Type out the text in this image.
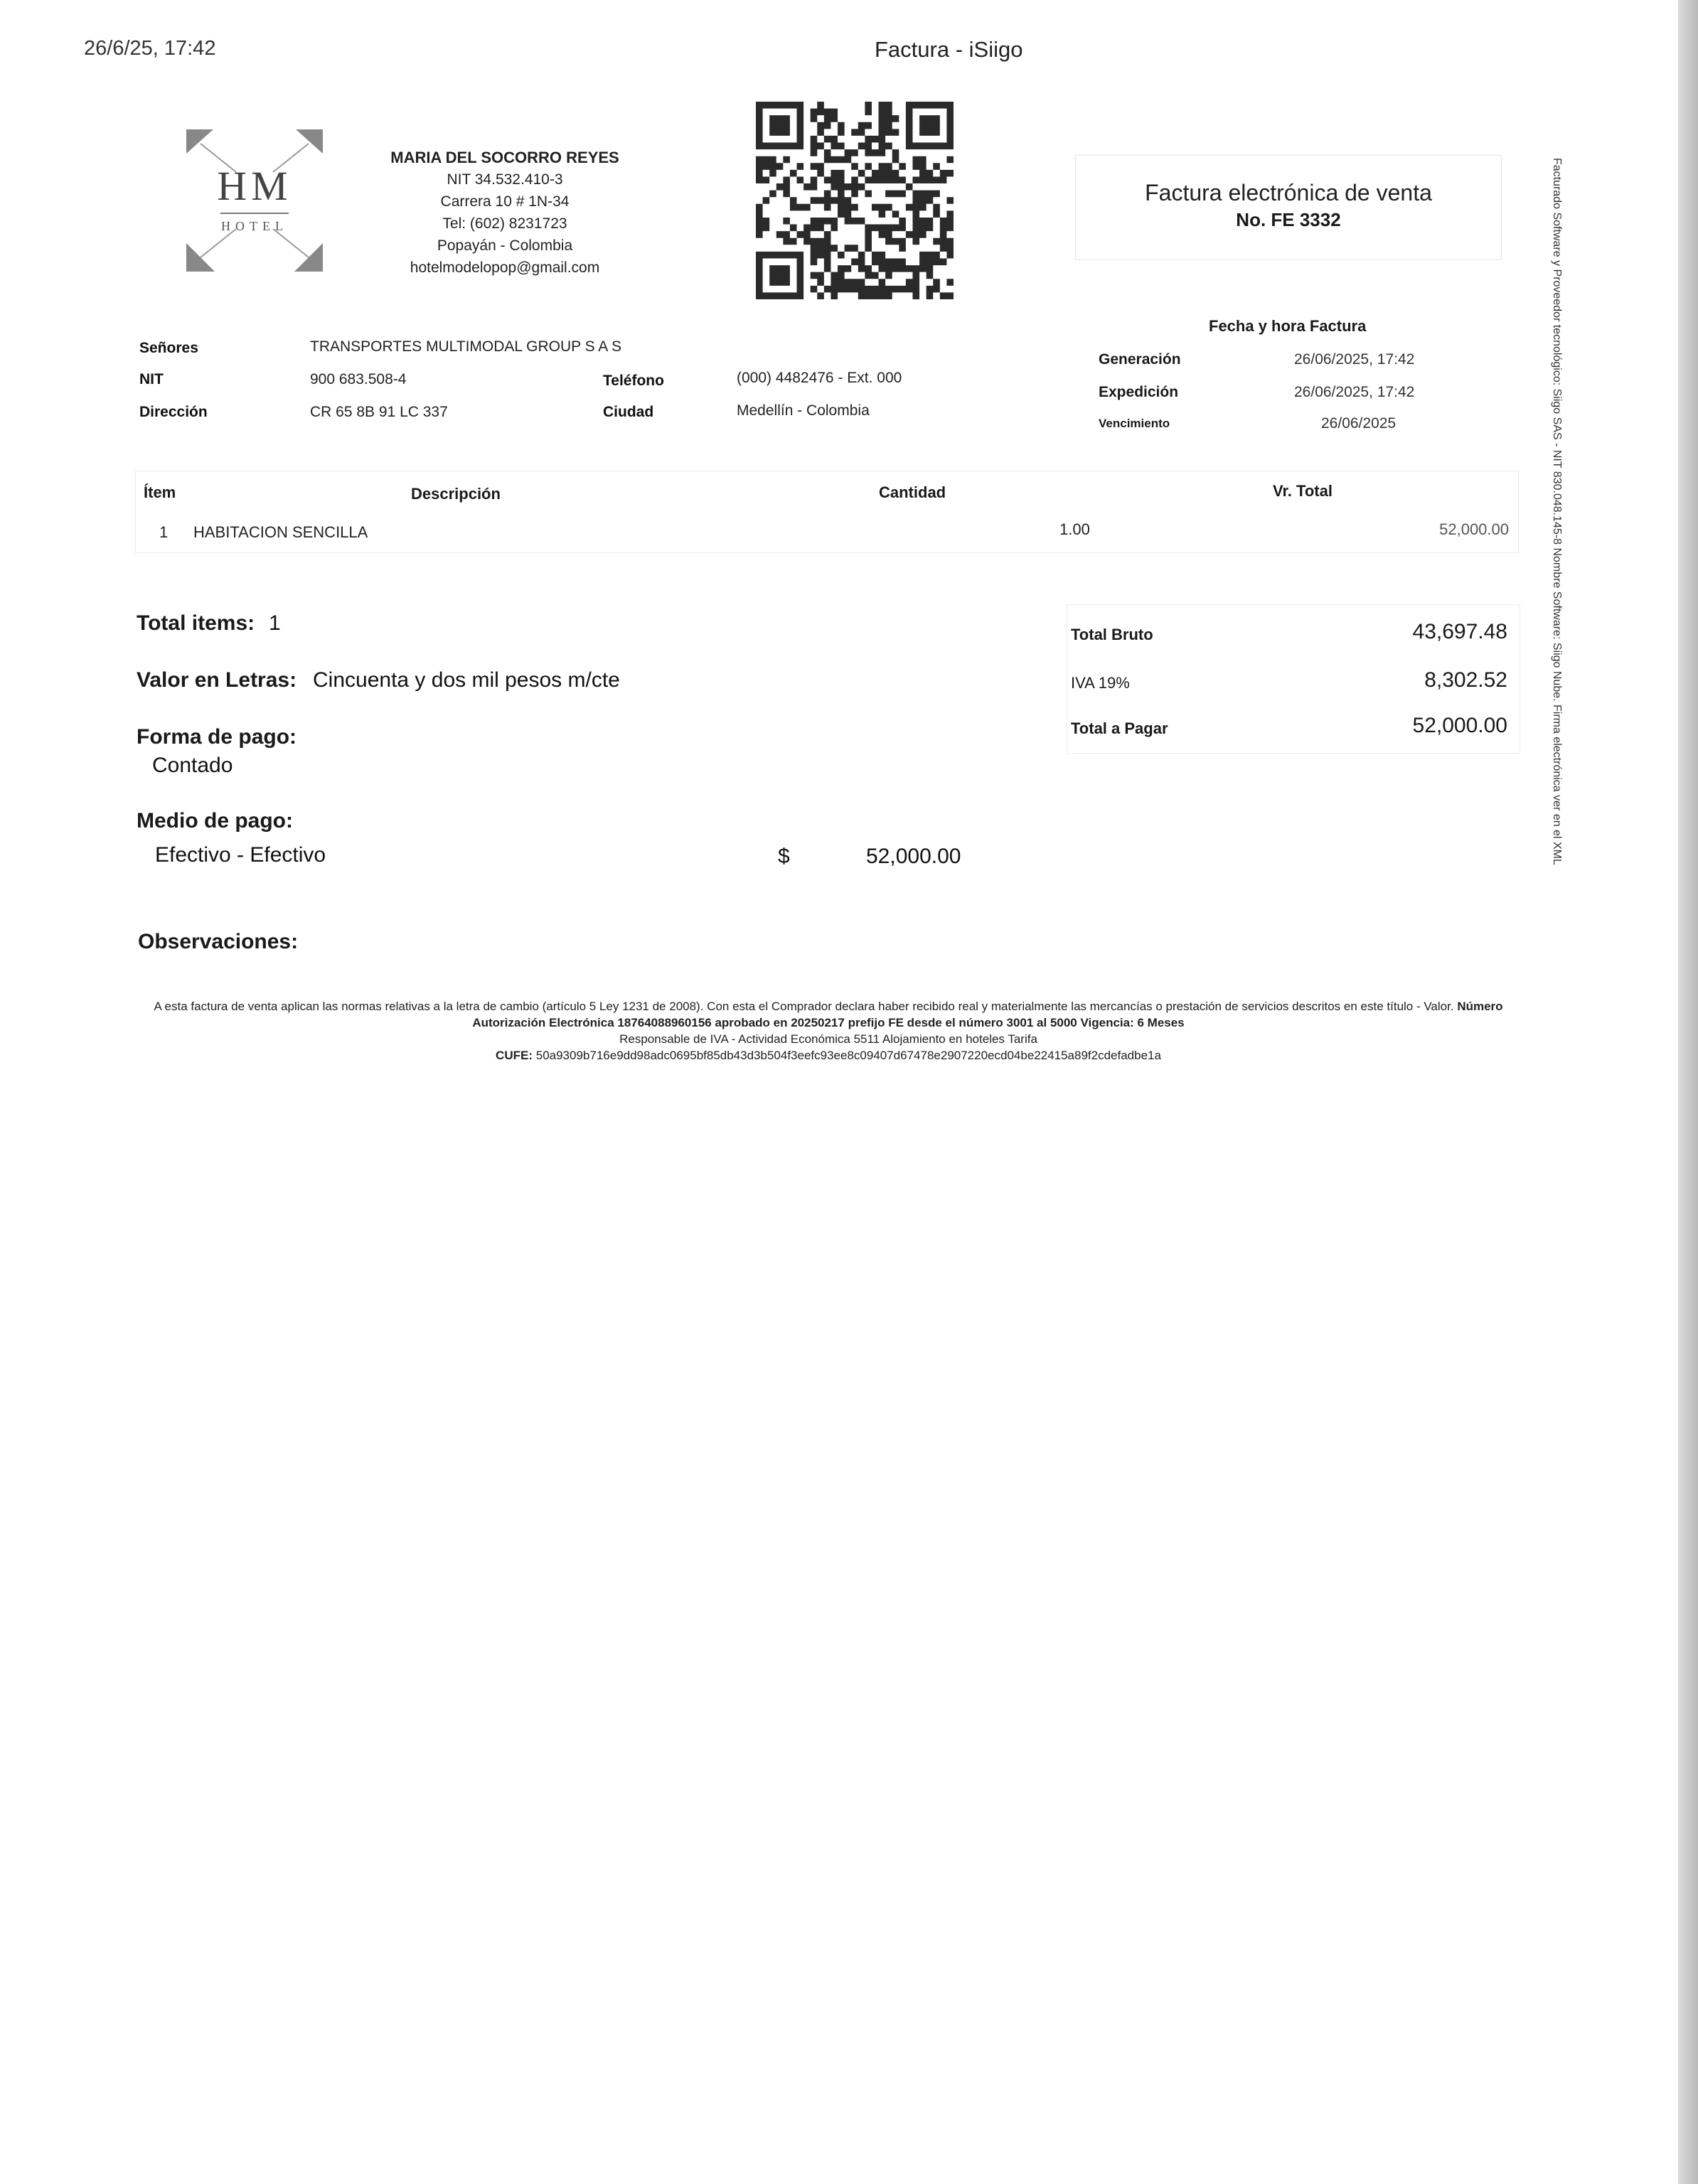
26/6/25, 17:42	Factura - iSiigo
HM
HOTEL
MARIA DEL SOCORRO REYES
NIT 34.532.410-3
Carrera 10 # 1N-34
Tel: (602) 8231723
Popayán - Colombia
hotelmodelopop@gmail.com
Factura electrónica de venta
No. FE 3332
Señores	TRANSPORTES MULTIMODAL GROUP S A S
NIT	900 683.508-4	Teléfono	(000) 4482476 - Ext. 000
Dirección	CR 65 8B 91 LC 337	Ciudad	Medellín - Colombia
Fecha y hora Factura
Generación	26/06/2025, 17:42
Expedición	26/06/2025, 17:42
Vencimiento	26/06/2025
Ítem	Descripción	Cantidad	Vr. Total
1 HABITACION SENCILLA	1.00	52,000.00
Total items: 1
Valor en Letras: Cincuenta y dos mil pesos m/cte
Forma de pago:
Contado
Medio de pago:
Efectivo - Efectivo	$	52,000.00
Observaciones:
Total Bruto	43,697.48
IVA 19%	8,302.52
Total a Pagar	52,000.00
A esta factura de venta aplican las normas relativas a la letra de cambio (artículo 5 Ley 1231 de 2008). Con esta el Comprador declara haber recibido real y materialmente las mercancías o prestación de servicios descritos en este título - Valor. Número Autorización Electrónica 18764088960156 aprobado en 20250217 prefijo FE desde el número 3001 al 5000 Vigencia: 6 Meses
Responsable de IVA - Actividad Económica 5511 Alojamiento en hoteles Tarifa
CUFE: 50a9309b716e9dd98adc0695bf85db43d3b504f3eefc93ee8c09407d67478e2907220ecd04be22415a89f2cdefadbe1a
Facturado Software y Proveedor tecnológico: Siigo SAS - NIT 830.048.145-8 Nombre Software: Siigo Nube. Firma electrónica ver en el XML
